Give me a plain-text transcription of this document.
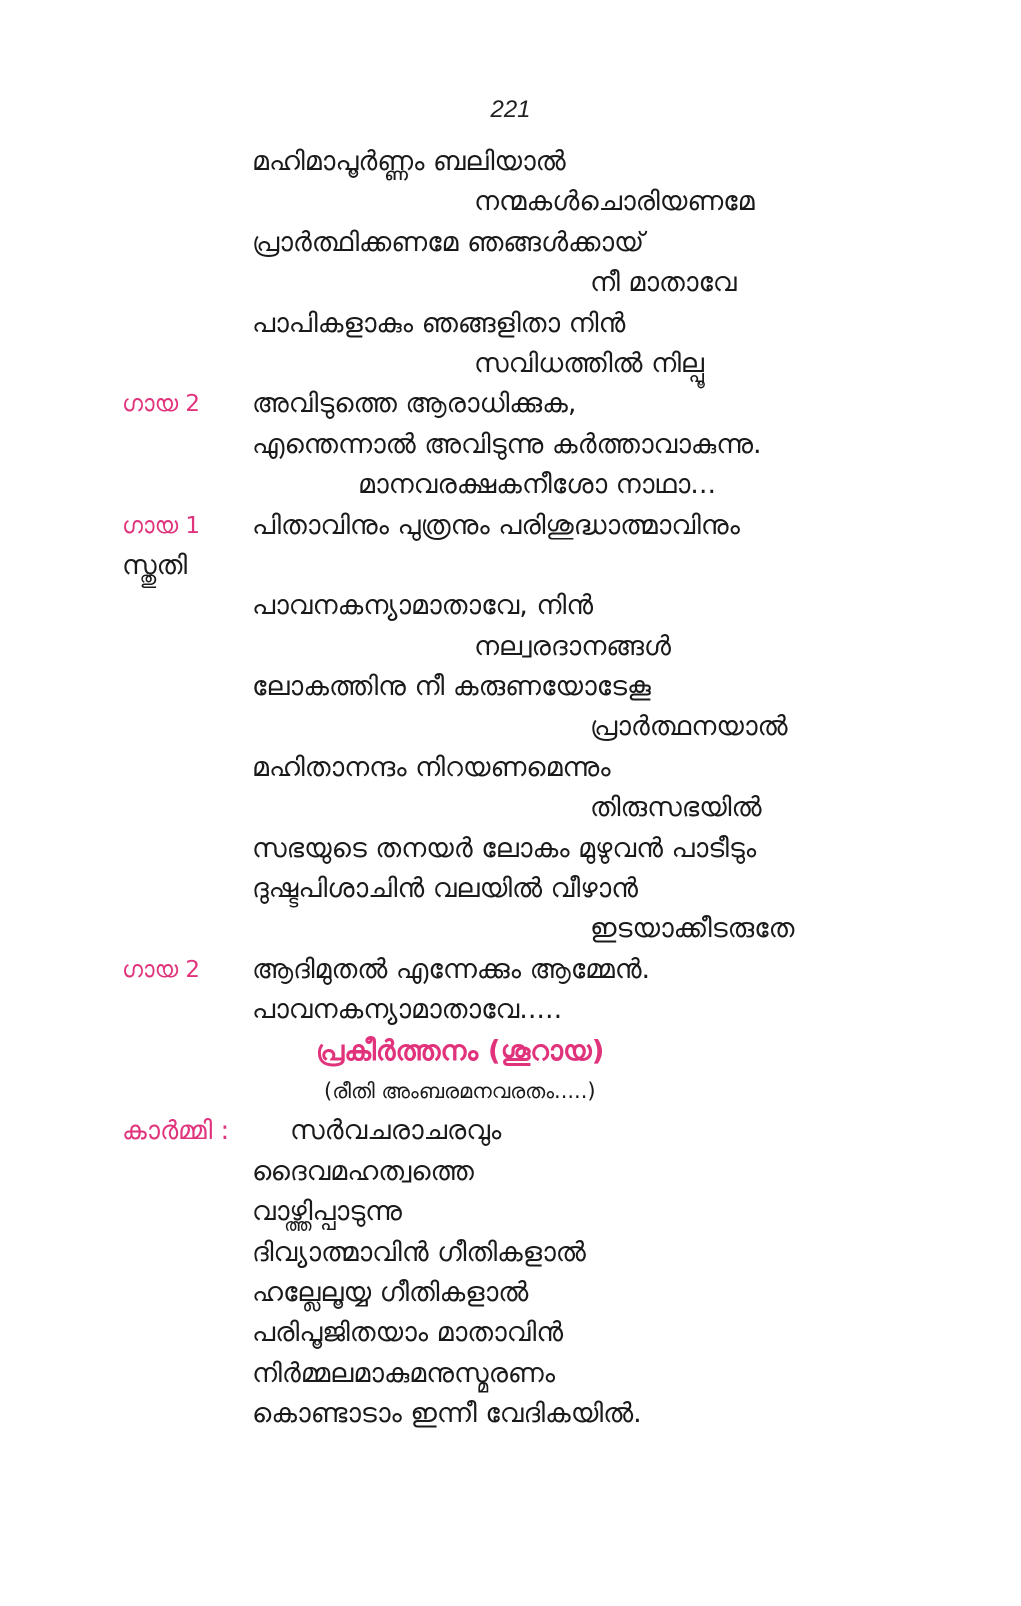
221
മഹിമാപൂർണ്ണം ബലിയാൽ
നന്മകൾചൊരിയണമേ
പ്രാർത്ഥിക്കണമേ ഞങ്ങൾക്കായ്
നീ മാതാവേ
പാപികളാകും ഞങ്ങളിതാ നിൻ
സവിധത്തിൽ നില്പൂ
ഗായ 2 അവിടുത്തെ ആരാധിക്കുക,
എന്തെന്നാൽ അവിടുന്നു കർത്താവാകുന്നു.
മാനവരക്ഷകനീശോ നാഥാ...
ഗായ 1 പിതാവിനും പുത്രനും പരിശുദ്ധാത്മാവിനും
സ്തുതി
പാവനകന്യാമാതാവേ, നിൻ
നല്വരദാനങ്ങൾ
ലോകത്തിനു നീ കരുണയോടേകൂ
പ്രാർത്ഥനയാൽ
മഹിതാനന്ദം നിറയണമെന്നും
തിരുസഭയിൽ
സഭയുടെ തനയർ ലോകം മുഴുവൻ പാടീടും
ദുഷ്ടപിശാചിൻ വലയിൽ വീഴാൻ
ഇടയാക്കീടരുതേ
ഗായ 2 ആദിമുതൽ എന്നേക്കും ആമ്മേൻ.
പാവനകന്യാമാതാവേ.....
പ്രകീർത്തനം (ശൂറായ)
(രീതി അംബരമനവരതം.....)
കാർമ്മി : സർവചരാചരവും
ദൈവമഹത്വത്തെ
വാഴ്ത്തിപ്പാടുന്നു
ദിവ്യാത്മാവിൻ ഗീതികളാൽ
ഹല്ലേലൂയ്യ ഗീതികളാൽ
പരിപൂജിതയാം മാതാവിൻ
നിർമ്മലമാകുമനുസ്മരണം
കൊണ്ടാടാം ഇന്നീ വേദികയിൽ.
